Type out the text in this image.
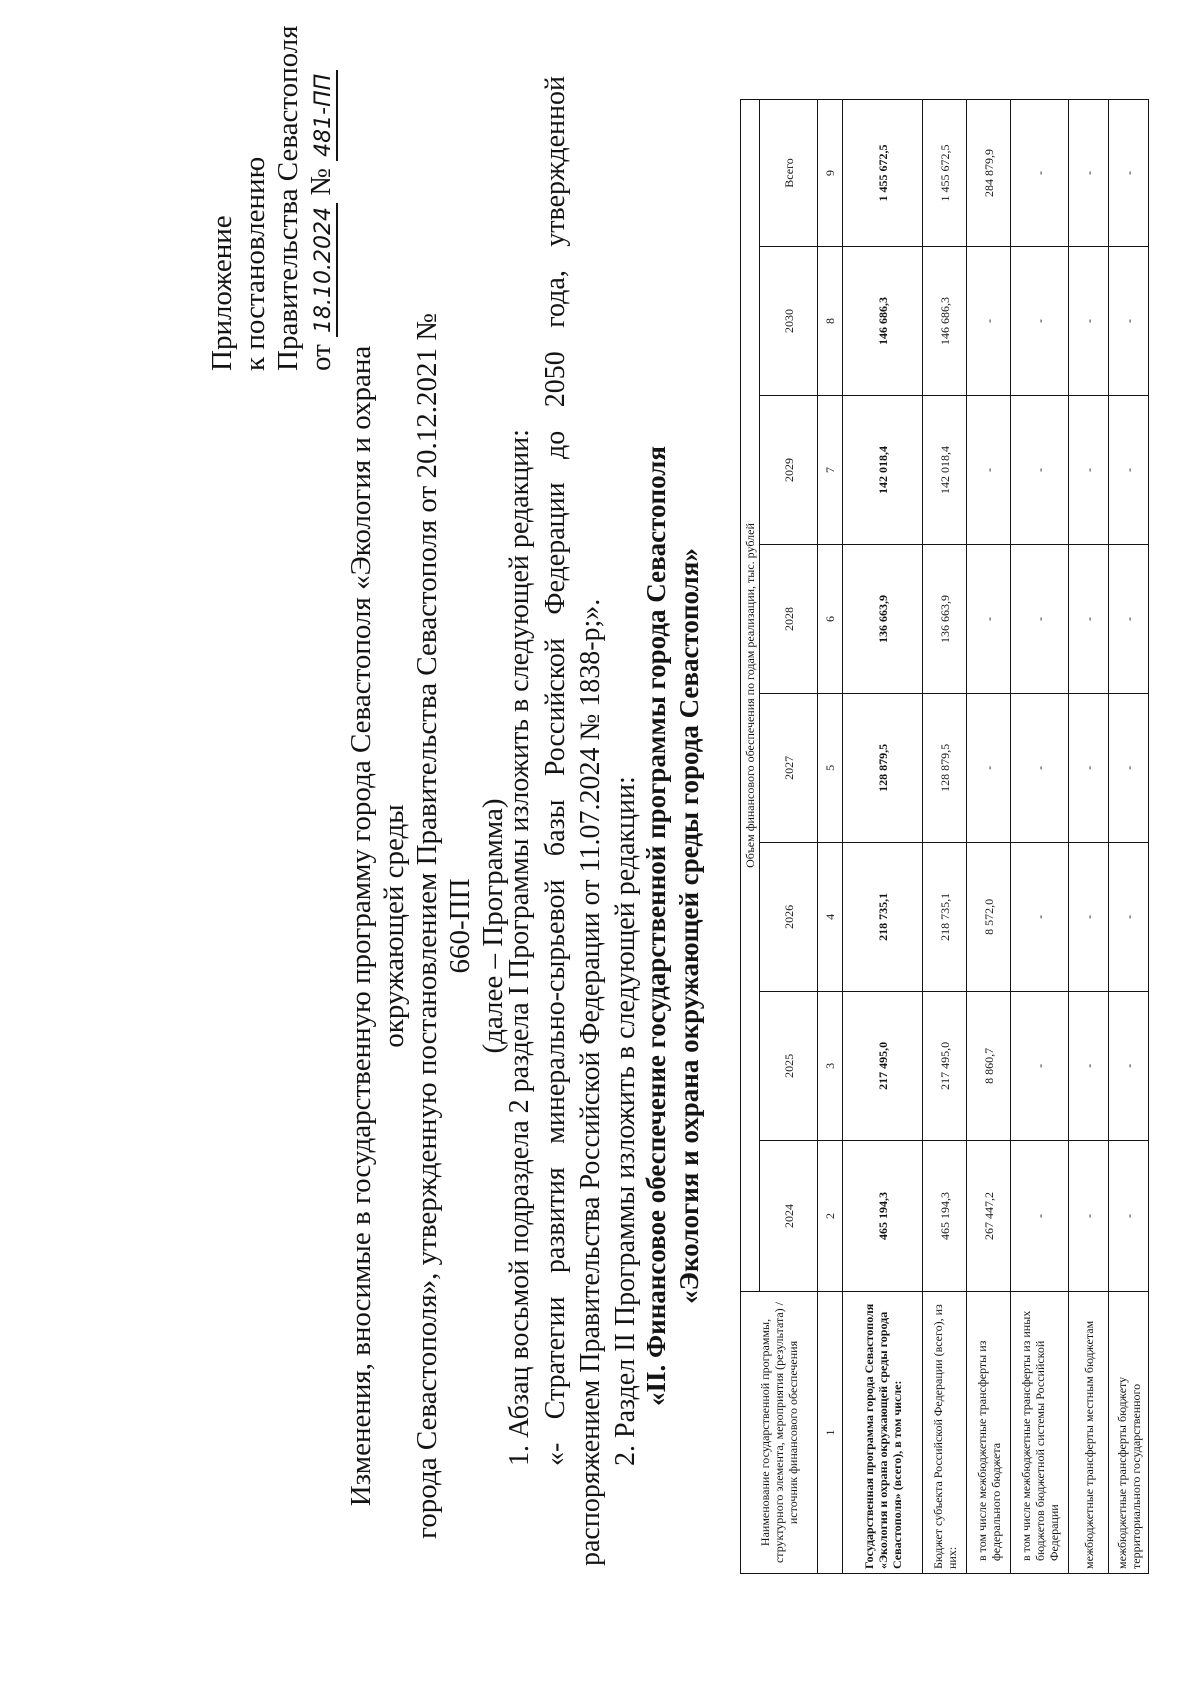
Приложение к постановлению Правительства Севастополя от 18.10.2024 № 481-ПП
Изменения, вносимые в государственную программу города Севастополя «Экология и охрана окружающей среды города Севастополя», утвержденную постановлением Правительства Севастополя от 20.12.2021 № 660-ПП (далее – Программа)
1. Абзац восьмой подраздела 2 раздела I Программы изложить в следующей редакции: «- Стратегии развития минерально-сырьевой базы Российской Федерации до 2050 года, утвержденной распоряжением Правительства Российской Федерации от 11.07.2024 № 1838-р;». 2. Раздел II Программы изложить в следующей редакции: «II. Финансовое обеспечение государственной программы города Севастополя «Экология и охрана окружающей среды города Севастополя»
Наименование государственной программы, структурного элемента, мероприятия (результата) / источник финансового обеспечения	Объем финансового обеспечения по годам реализации, тыс. рублей							
	2024	2025	2026	2027	2028	2029	2030	Всего
1	2	3	4	5	6	7	8	9
Государственная программа города Севастополя «Экология и охрана окружающей среды города Севастополя» (всего), в том числе:	465 194,3	217 495,0	218 735,1	128 879,5	136 663,9	142 018,4	146 686,3	1 455 672,5
Бюджет субъекта Российской Федерации (всего), из них:	465 194,3	217 495,0	218 735,1	128 879,5	136 663,9	142 018,4	146 686,3	1 455 672,5
в том числе межбюджетные трансферты из федерального бюджета	267 447,2	8 860,7	8 572,0	-	-	-	-	284 879,9
в том числе межбюджетные трансферты из иных бюджетов бюджетной системы Российской Федерации	-	-	-	-	-	-	-	-
межбюджетные трансферты местным бюджетам	-	-	-	-	-	-	-	-
межбюджетные трансферты бюджету территориального государственного	-	-	-	-	-	-	-	-
